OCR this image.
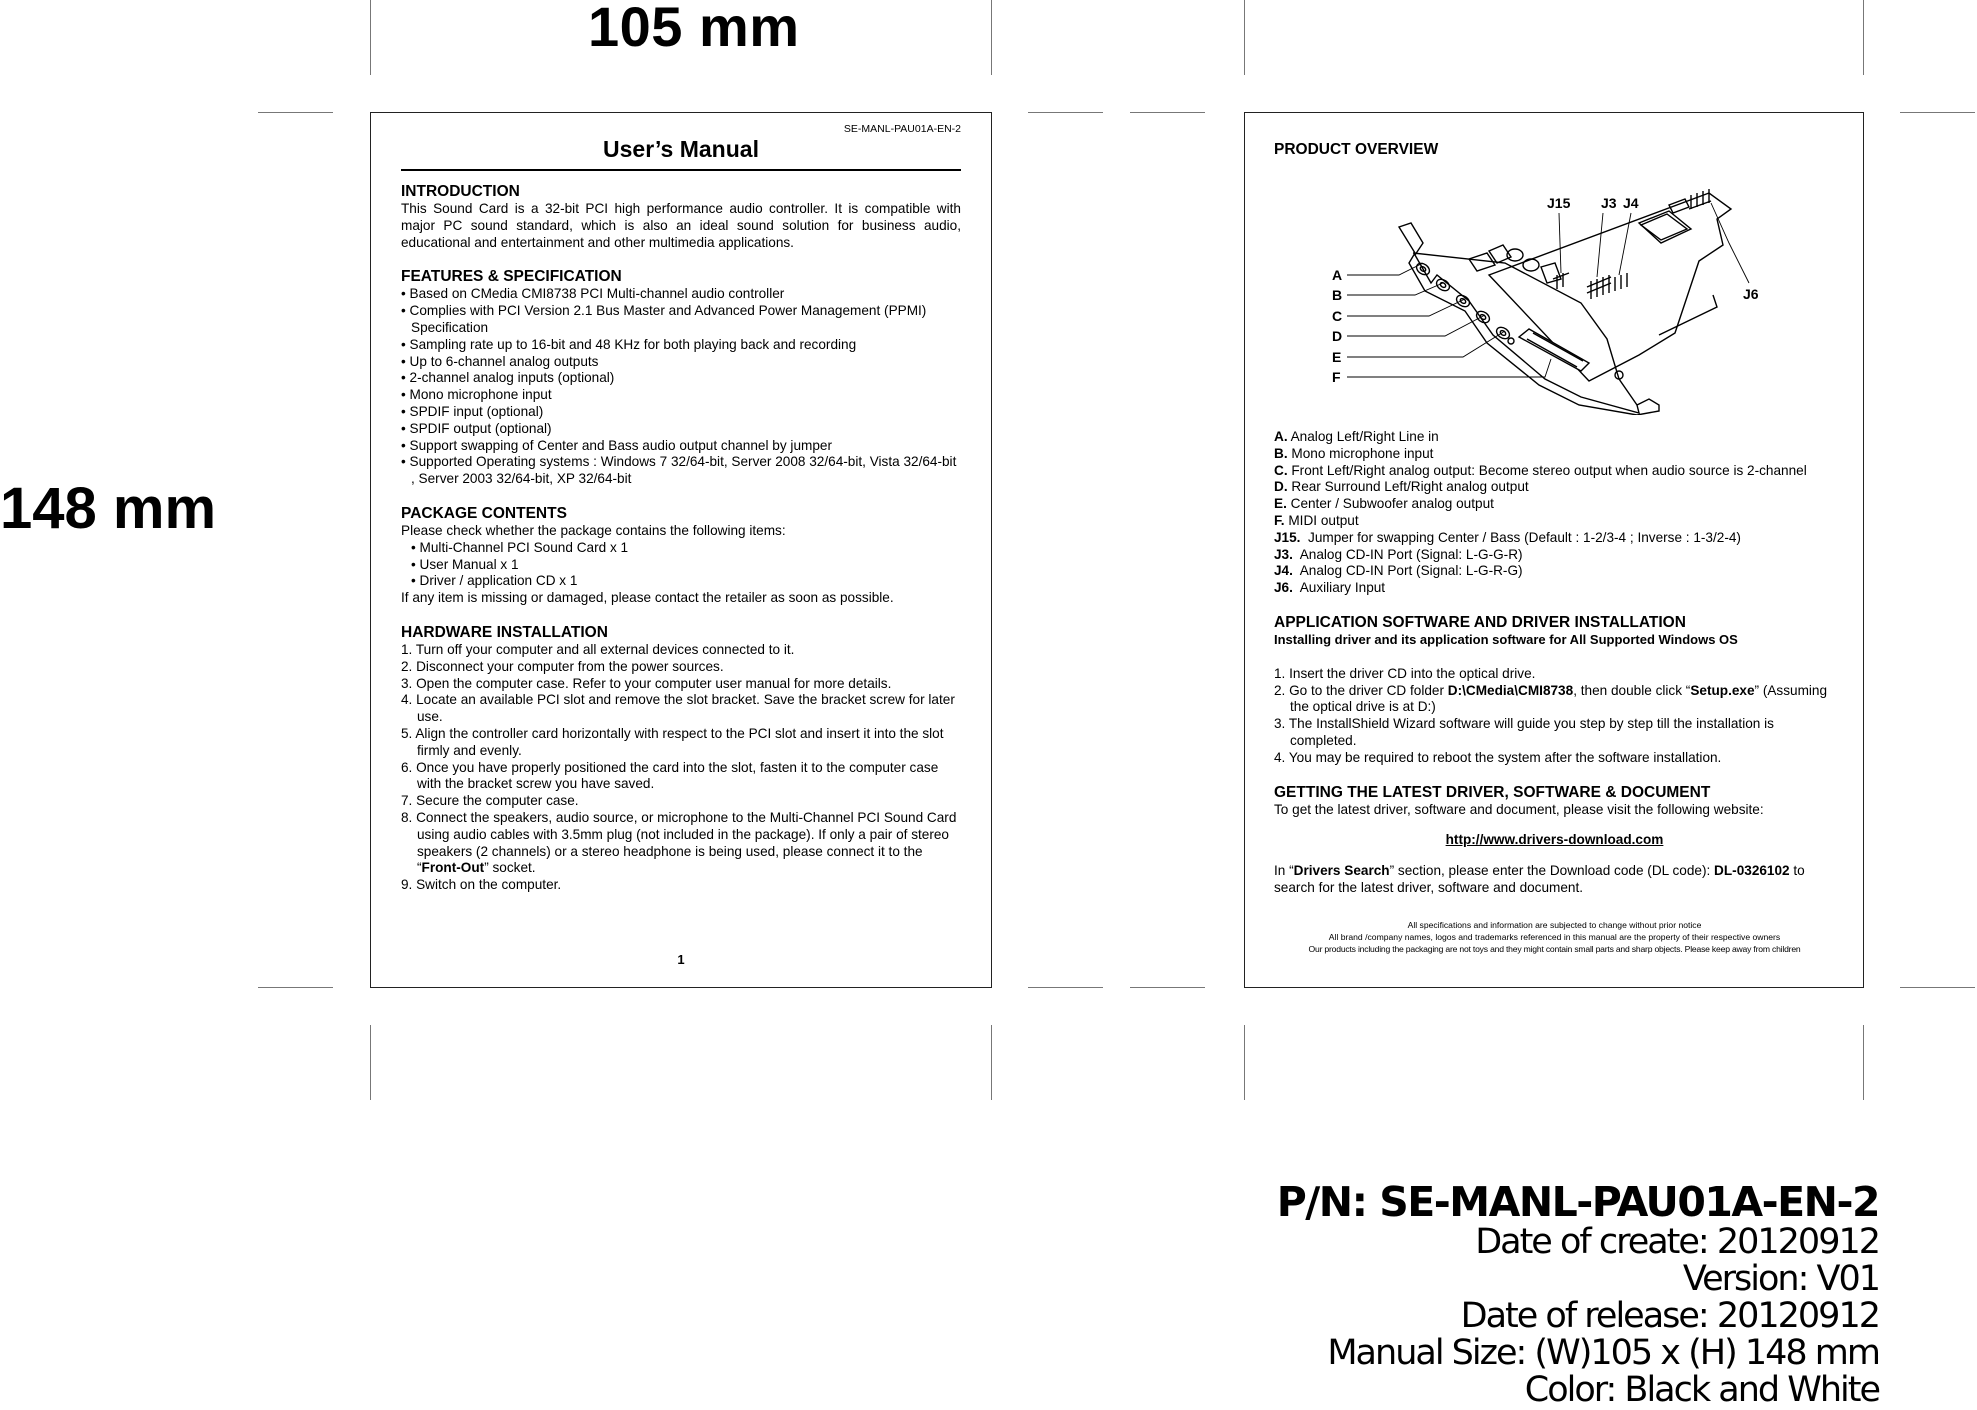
105 mm
148 mm
SE-MANL-PAU01A-EN-2
User’s Manual
INTRODUCTION

This Sound Card is a 32-bit PCI high performance audio controller. It is compatible with major PC sound standard, which is also an ideal sound solution for business audio, educational and entertainment and other multimedia applications.

FEATURES & SPECIFICATION
• Based on CMedia CMI8738 PCI Multi-channel audio controller
• Complies with PCI Version 2.1 Bus Master and Advanced Power Management (PPMI) Specification
• Sampling rate up to 16-bit and 48 KHz for both playing back and recording
• Up to 6-channel analog outputs
• 2-channel analog inputs (optional)
• Mono microphone input
• SPDIF input (optional)
• SPDIF output (optional)
• Support swapping of Center and Bass audio output channel by jumper
• Supported Operating systems : Windows 7 32/64-bit, Server 2008 32/64-bit, Vista 32/64-bit , Server 2003 32/64-bit, XP 32/64-bit
PACKAGE CONTENTS

Please check whether the package contains the following items:

• Multi-Channel PCI Sound Card x 1
• User Manual x 1
• Driver / application CD x 1

If any item is missing or damaged, please contact the retailer as soon as possible.

HARDWARE INSTALLATION
1. Turn off your computer and all external devices connected to it.
2. Disconnect your computer from the power sources.
3. Open the computer case. Refer to your computer user manual for more details.
4. Locate an available PCI slot and remove the slot bracket. Save the bracket screw for later use.
5. Align the controller card horizontally with respect to the PCI slot and insert it into the slot firmly and evenly.
6. Once you have properly positioned the card into the slot, fasten it to the computer case with the bracket screw you have saved.
7. Secure the computer case.
8. Connect the speakers, audio source, or microphone to the Multi-Channel PCI Sound Card using audio cables with 3.5mm plug (not included in the package). If only a pair of stereo speakers (2 channels) or a stereo headphone is being used, please connect it to the “Front-Out” socket.
9. Switch on the computer.
1
PRODUCT OVERVIEW
J15 J3 J4
J6
A
B
C
D
E
F
A. Analog Left/Right Line in
B. Mono microphone input
C. Front Left/Right analog output: Become stereo output when audio source is 2-channel
D. Rear Surround Left/Right analog output
E. Center / Subwoofer analog output
F. MIDI output
J15.  Jumper for swapping Center / Bass (Default : 1-2/3-4 ; Inverse : 1-3/2-4)
J3.  Analog CD-IN Port (Signal: L-G-G-R)
J4.  Analog CD-IN Port (Signal: L-G-R-G)
J6.  Auxiliary Input
APPLICATION SOFTWARE AND DRIVER INSTALLATION

Installing driver and its application software for All Supported Windows OS

1. Insert the driver CD into the optical drive.
2. Go to the driver CD folder D:\CMedia\CMI8738, then double click “Setup.exe” (Assuming the optical drive is at D:)
3. The InstallShield Wizard software will guide you step by step till the installation is completed.
4. You may be required to reboot the system after the software installation.
GETTING THE LATEST DRIVER, SOFTWARE & DOCUMENT

To get the latest driver, software and document, please visit the following website:

http://www.drivers-download.com

In “Drivers Search” section, please enter the Download code (DL code): DL-0326102 to search for the latest driver, software and document.

All specifications and information are subjected to change without prior notice
All brand /company names, logos and trademarks referenced in this manual are the property of their respective owners
Our products including the packaging are not toys and they might contain small parts and sharp objects. Please keep away from children
P/N: SE-MANL-PAU01A-EN-2
Date of create: 20120912
Version: V01
Date of release: 20120912
Manual Size: (W)105 x (H) 148 mm
Color: Black and White
